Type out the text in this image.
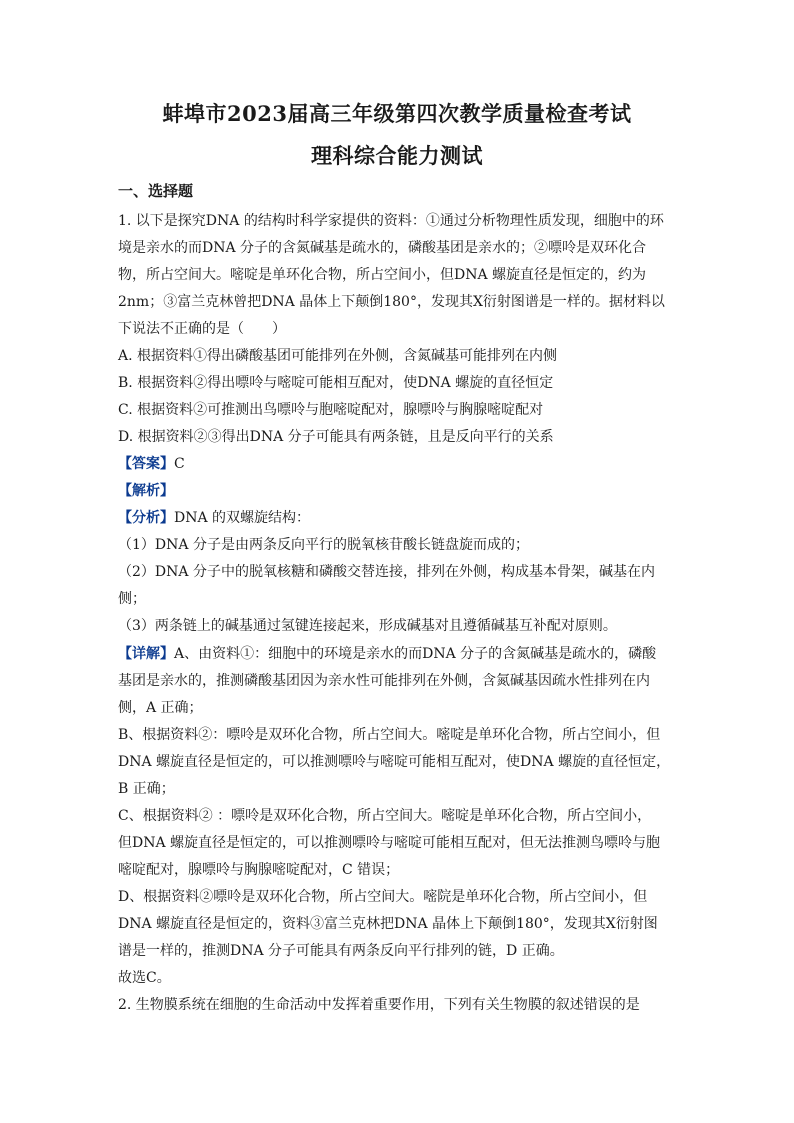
蚌埠市2023届高三年级第四次教学质量检查考试
理科综合能力测试
一、选择题
1. 以下是探究DNA 的结构时科学家提供的资料：①通过分析物理性质发现，细胞中的环
境是亲水的而DNA 分子的含氮碱基是疏水的，磷酸基团是亲水的；②嘌呤是双环化合
物，所占空间大。嘧啶是单环化合物，所占空间小，但DNA 螺旋直径是恒定的，约为
2nm；③富兰克林曾把DNA 晶体上下颠倒180°，发现其X衍射图谱是一样的。据材料以
下说法不正确的是（　　）
A. 根据资料①得出磷酸基团可能排列在外侧，含氮碱基可能排列在内侧
B. 根据资料②得出嘌呤与嘧啶可能相互配对，使DNA 螺旋的直径恒定
C. 根据资料②可推测出鸟嘌呤与胞嘧啶配对，腺嘌呤与胸腺嘧啶配对
D. 根据资料②③得出DNA 分子可能具有两条链，且是反向平行的关系
【答案】C
【解析】
【分析】DNA 的双螺旋结构：
（1）DNA 分子是由两条反向平行的脱氧核苷酸长链盘旋而成的；
（2）DNA 分子中的脱氧核糖和磷酸交替连接，排列在外侧，构成基本骨架，碱基在内
侧；
（3）两条链上的碱基通过氢键连接起来，形成碱基对且遵循碱基互补配对原则。
【详解】A、由资料①：细胞中的环境是亲水的而DNA 分子的含氮碱基是疏水的，磷酸
基团是亲水的，推测磷酸基团因为亲水性可能排列在外侧，含氮碱基因疏水性排列在内
侧，A 正确；
B、根据资料②：嘌呤是双环化合物，所占空间大。嘧啶是单环化合物，所占空间小，但
DNA 螺旋直径是恒定的，可以推测嘌呤与嘧啶可能相互配对，使DNA 螺旋的直径恒定，
B 正确；
C、根据资料② ：嘌呤是双环化合物，所占空间大。嘧啶是单环化合物，所占空间小，
但DNA 螺旋直径是恒定的，可以推测嘌呤与嘧啶可能相互配对，但无法推测鸟嘌呤与胞
嘧啶配对，腺嘌呤与胸腺嘧啶配对，C 错误；
D、根据资料②嘌呤是双环化合物，所占空间大。嘧院是单环化合物，所占空间小，但
DNA 螺旋直径是恒定的，资料③富兰克林把DNA 晶体上下颠倒180°，发现其X衍射图
谱是一样的，推测DNA 分子可能具有两条反向平行排列的链，D 正确。
故选C。
2. 生物膜系统在细胞的生命活动中发挥着重要作用，下列有关生物膜的叙述错误的是
